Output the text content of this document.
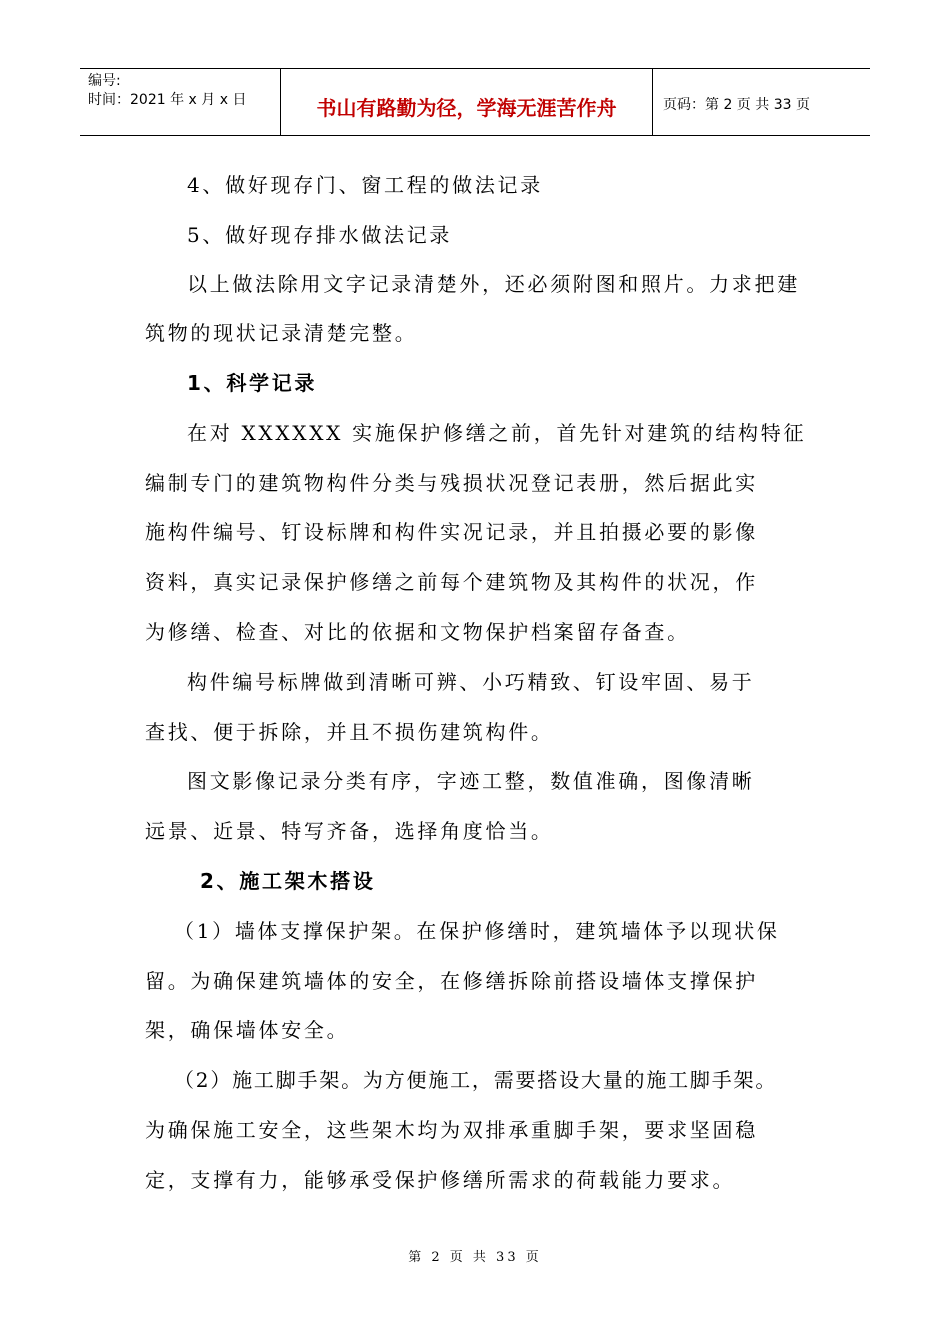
编号:
时间：2021 年 x 月 x 日	书山有路勤为径，学海无涯苦作舟	页码：第 2 页 共 33 页
4、做好现存门、窗工程的做法记录
5、做好现存排水做法记录
以上做法除用文字记录清楚外，还必须附图和照片。力求把建
筑物的现状记录清楚完整。
1、科学记录
在对 XXXXXX 实施保护修缮之前，首先针对建筑的结构特征
编制专门的建筑物构件分类与残损状况登记表册，然后据此实
施构件编号、钉设标牌和构件实况记录，并且拍摄必要的影像
资料，真实记录保护修缮之前每个建筑物及其构件的状况，作
为修缮、检查、对比的依据和文物保护档案留存备查。
构件编号标牌做到清晰可辨、小巧精致、钉设牢固、易于
查找、便于拆除，并且不损伤建筑构件。
图文影像记录分类有序，字迹工整，数值准确，图像清晰
远景、近景、特写齐备，选择角度恰当。
2、施工架木搭设
（1）墙体支撑保护架。在保护修缮时，建筑墙体予以现状保
留。为确保建筑墙体的安全，在修缮拆除前搭设墙体支撑保护
架，确保墙体安全。
（2）施工脚手架。为方便施工，需要搭设大量的施工脚手架。
为确保施工安全，这些架木均为双排承重脚手架，要求坚固稳
定，支撑有力，能够承受保护修缮所需求的荷载能力要求。
第 2 页 共 33 页
